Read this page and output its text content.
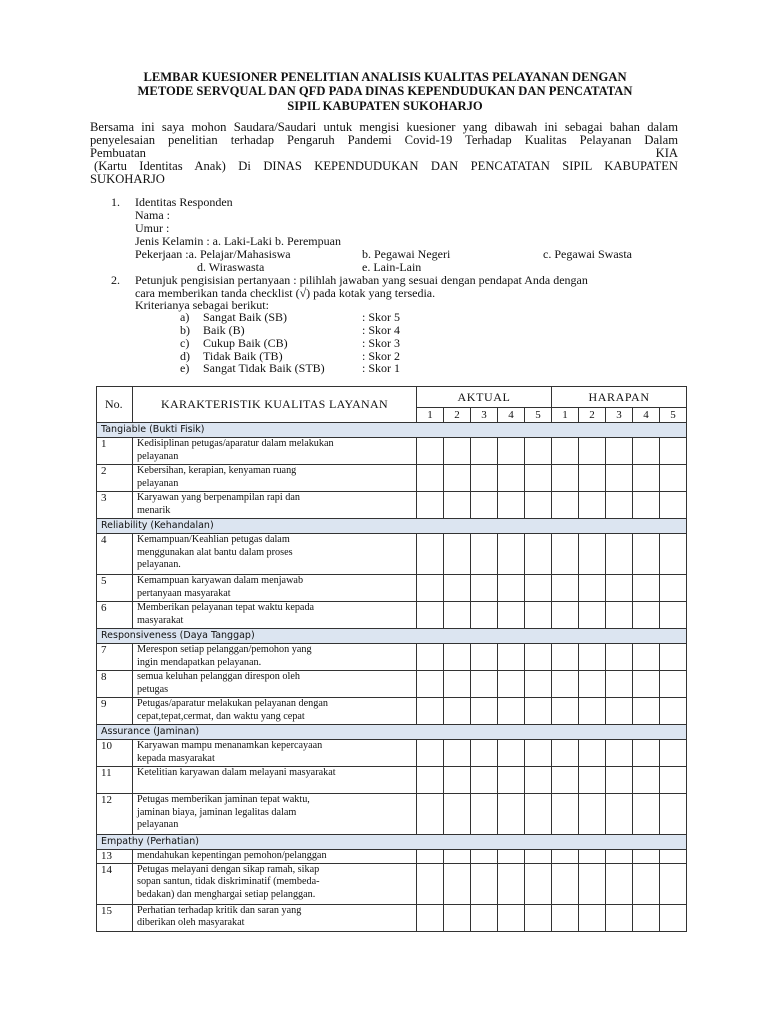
LEMBAR KUESIONER PENELITIAN ANALISIS KUALITAS PELAYANAN DENGAN
METODE SERVQUAL DAN QFD PADA DINAS KEPENDUDUKAN DAN PENCATATAN
SIPIL KABUPATEN SUKOHARJO
Bersama ini saya mohon Saudara/Saudari untuk mengisi kuesioner yang dibawah ini sebagai bahan dalam
penyelesaian penelitian terhadap Pengaruh Pandemi Covid-19 Terhadap Kualitas Pelayanan Dalam
Pembuatan	KIA
(Kartu Identitas Anak) Di DINAS KEPENDUDUKAN DAN PENCATATAN SIPIL KABUPATEN
SUKOHARJO
1. Identitas Responden
Nama :
Umur :
Jenis Kelamin : a. Laki-Laki b. Perempuan
Pekerjaan :a. Pelajar/Mahasiswa	b. Pegawai Negeri	c. Pegawai Swasta
d. Wiraswasta	e. Lain-Lain
2. Petunjuk pengisisian pertanyaan : pilihlah jawaban yang sesuai dengan pendapat Anda dengan
cara memberikan tanda checklist (√) pada kotak yang tersedia.
Kriterianya sebagai berikut:
a) Sangat Baik (SB)	: Skor 5
b) Baik (B)	: Skor 4
c) Cukup Baik (CB)	: Skor 3
d) Tidak Baik (TB)	: Skor 2
e) Sangat Tidak Baik (STB)	: Skor 1
No.	KARAKTERISTIK KUALITAS LAYANAN	AKTUAL					HARAPAN				
		1	2	3	4	5	1	2	3	4	5
Tangiable (Bukti Fisik)											
1	Kedisiplinan petugas/aparatur dalam melakukan
pelayanan										

2	Kebersihan, kerapian, kenyaman ruang
pelayanan										

3	Karyawan yang berpenampilan rapi dan
menarik										

Reliability (Kehandalan)											
4	Kemampuan/Keahlian petugas dalam
menggunakan alat bantu dalam proses
pelayanan.										

5	Kemampuan karyawan dalam menjawab
pertanyaan masyarakat										

6	Memberikan pelayanan tepat waktu kepada
masyarakat										

Responsiveness (Daya Tanggap)											
7	Merespon setiap pelanggan/pemohon yang
ingin mendapatkan pelayanan.										

8	semua keluhan pelanggan direspon oleh
petugas										

9	Petugas/aparatur melakukan pelayanan dengan
cepat,tepat,cermat, dan waktu yang cepat										

Assurance (Jaminan)											
10	Karyawan mampu menanamkan kepercayaan
kepada masyarakat										

11	Ketelitian karyawan dalam melayani masyarakat										

12	Petugas memberikan jaminan tepat waktu,
jaminan biaya, jaminan legalitas dalam
pelayanan										

Empathy (Perhatian)											
13	mendahukan kepentingan pemohon/pelanggan										

14	Petugas melayani dengan sikap ramah, sikap
sopan santun, tidak diskriminatif (membeda-
bedakan) dan menghargai setiap pelanggan.										

15	Perhatian terhadap kritik dan saran yang
diberikan oleh masyarakat										
